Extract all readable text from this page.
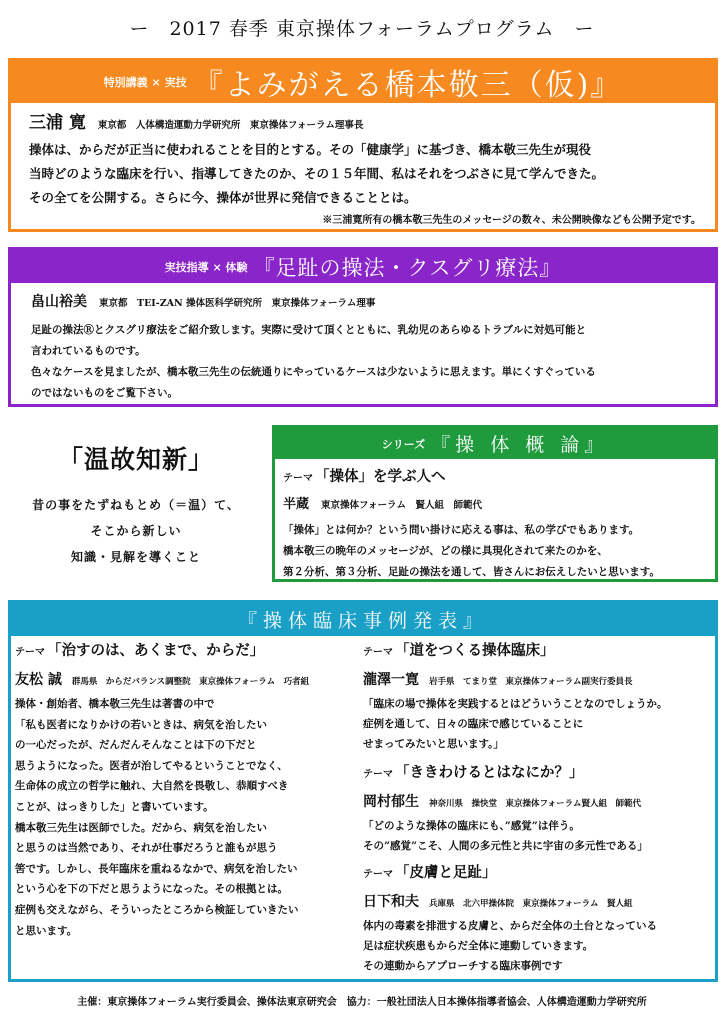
ー　2017 春季 東京操体フォーラムプログラム　ー
特別講義 × 実技 『よみがえる橋本敬三（仮)』
三浦 寛 東京都　人体構造運動力学研究所　東京操体フォーラム理事長
操体は、からだが正当に使われることを目的とする。その「健康学」に基づき、橋本敬三先生が現役
当時どのような臨床を行い、指導してきたのか、その１５年間、私はそれをつぶさに見て学んできた。
その全てを公開する。さらに今、操体が世界に発信できることとは。
※三浦寛所有の橋本敬三先生のメッセージの数々、未公開映像なども公開予定です。
実技指導 × 体験 『足趾の操法・クスグリ療法』
畠山裕美 東京都　TEI-ZAN 操体医科学研究所　東京操体フォーラム理事
足趾の操法Ⓡとクスグリ療法をご紹介致します。実際に受けて頂くとともに、乳幼児のあらゆるトラブルに対処可能と
言われているものです。
色々なケースを見ましたが、橋本敬三先生の伝統通りにやっているケースは少ないように思えます。単にくすぐっている
のではないものをご覧下さい。
「温故知新」
昔の事をたずねもとめ（＝温）て、
そこから新しい
知識・見解を導くこと
シリーズ 『操 体 概 論』
テーマ 「操体」を学ぶ人へ
半蔵 東京操体フォーラム　賢人組　師範代
「操体」とは何か？という問い掛けに応える事は、私の学びでもあります。
橋本敬三の晩年のメッセージが、どの様に具現化されて来たのかを、
第２分析、第３分析、足趾の操法を通して、皆さんにお伝えしたいと思います。
『操体臨床事例発表』
テーマ 「治すのは、あくまで、からだ」
友松 誠 群馬県　からだバランス調整院　東京操体フォーラム　巧者組

操体・創始者、橋本敬三先生は著書の中で

「私も医者になりかけの若いときは、病気を治したい

の一心だったが、だんだんそんなことは下の下だと

思うようになった。医者が治してやるということでなく、

生命体の成立の哲学に触れ、大自然を畏敬し、恭順すべき

ことが、はっきりした」と書いています。

橋本敬三先生は医師でした。だから、病気を治したい

と思うのは当然であり、それが仕事だろうと誰もが思う

筈です。しかし、長年臨床を重ねるなかで、病気を治したい

という心を下の下だと思うようになった。その根拠とは。

症例も交えながら、そういったところから検証していきたい

と思います。

テーマ 「道をつくる操体臨床」
瀧澤一寛 岩手県　てまり堂　東京操体フォーラム副実行委員長

「臨床の場で操体を実践するとはどういうことなのでしょうか。

症例を通して、日々の臨床で感じていることに

せまってみたいと思います。」

テーマ 「ききわけるとはなにか？」
岡村郁生 神奈川県　操快堂　東京操体フォーラム賢人組　師範代

「どのような操体の臨床にも、”感覚”は伴う。

その”感覚”こそ、人間の多元性と共に宇宙の多元性である」

テーマ 「皮膚と足趾」
日下和夫 兵庫県　北六甲操体院　東京操体フォーラム　賢人組

体内の毒素を排泄する皮膚と、からだ全体の土台となっている

足は症状疾患もからだ全体に連動していきます。

その連動からアプローチする臨床事例です

主催：東京操体フォーラム実行委員会、操体法東京研究会　協力：一般社団法人日本操体指導者協会、人体構造運動力学研究所
